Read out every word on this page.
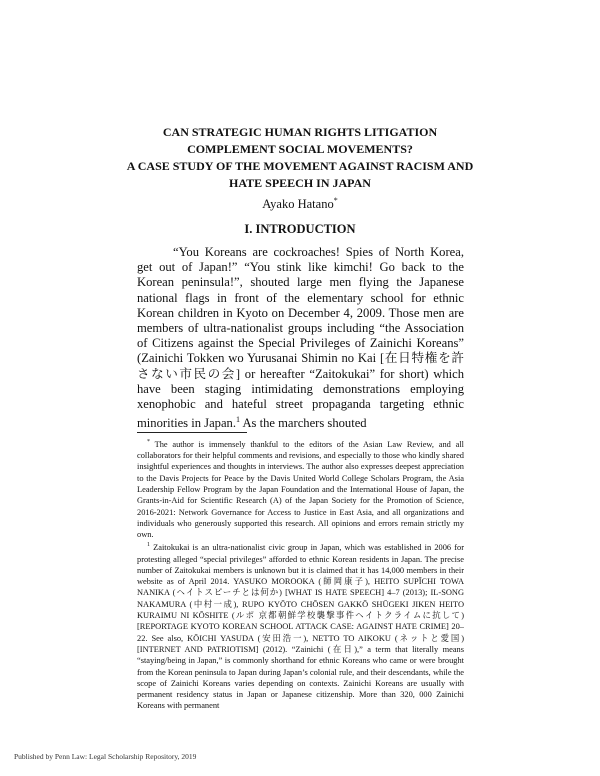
CAN STRATEGIC HUMAN RIGHTS LITIGATION
COMPLEMENT SOCIAL MOVEMENTS?
A CASE STUDY OF THE MOVEMENT AGAINST RACISM AND
HATE SPEECH IN JAPAN
Ayako Hatano*
I. INTRODUCTION

“You Koreans are cockroaches! Spies of North Korea, get out of Japan!” “You stink like kimchi! Go back to the Korean peninsula!”, shouted large men flying the Japanese national flags in front of the elementary school for ethnic Korean children in Kyoto on December 4, 2009. Those men are members of ultra-nationalist groups including “the Association of Citizens against the Special Privileges of Zainichi Koreans” (Zainichi Tokken wo Yurusanai Shimin no Kai [在日特権を許さない市民の会] or hereafter “Zaitokukai” for short) which have been staging intimidating demonstrations employing xenophobic and hateful street propaganda targeting ethnic minorities in Japan.$^1$ As the marchers shouted

* The author is immensely thankful to the editors of the Asian Law Review, and all collaborators for their helpful comments and revisions, and especially to those who kindly shared insightful experiences and thoughts in interviews. The author also expresses deepest appreciation to the Davis Projects for Peace by the Davis United World College Scholars Program, the Asia Leadership Fellow Program by the Japan Foundation and the International House of Japan, the Grants-in-Aid for Scientific Research (A) of the Japan Society for the Promotion of Science, 2016-2021: Network Governance for Access to Justice in East Asia, and all organizations and individuals who generously supported this research. All opinions and errors remain strictly my own.

$^1$ Zaitokukai is an ultra-nationalist civic group in Japan, which was established in 2006 for protesting alleged “special privileges” afforded to ethnic Korean residents in Japan. The precise number of Zaitokukai members is unknown but it is claimed that it has 14,000 members in their website as of April 2014. YASUKO MOROOKA (師岡康子), HEITO SUPĪCHI TOWA NANIKA (ヘイトスピーチとは何か) [WHAT IS HATE SPEECH] 4–7 (2013); IL-SONG NAKAMURA (中村一成), RUPO KYŌTO CHŌSEN GAKKŌ SHŪGEKI JIKEN HEITO KURAIMU NI KŌSHITE (ルポ 京都朝鮮学校襲撃事件ヘイトクライムに抗して) [REPORTAGE KYOTO KOREAN SCHOOL ATTACK CASE: AGAINST HATE CRIME] 20–22. See also, KŌICHI YASUDA (安田浩一), NETTO TO AIKOKU (ネットと愛国) [INTERNET AND PATRIOTISM] (2012). “Zainichi (在日),” a term that literally means “staying/being in Japan,” is commonly shorthand for ethnic Koreans who came or were brought from the Korean peninsula to Japan during Japan’s colonial rule, and their descendants, while the scope of Zainichi Koreans varies depending on contexts. Zainichi Koreans are usually with permanent residency status in Japan or Japanese citizenship. More than 320, 000 Zainichi Koreans with permanent

Published by Penn Law: Legal Scholarship Repository, 2019
